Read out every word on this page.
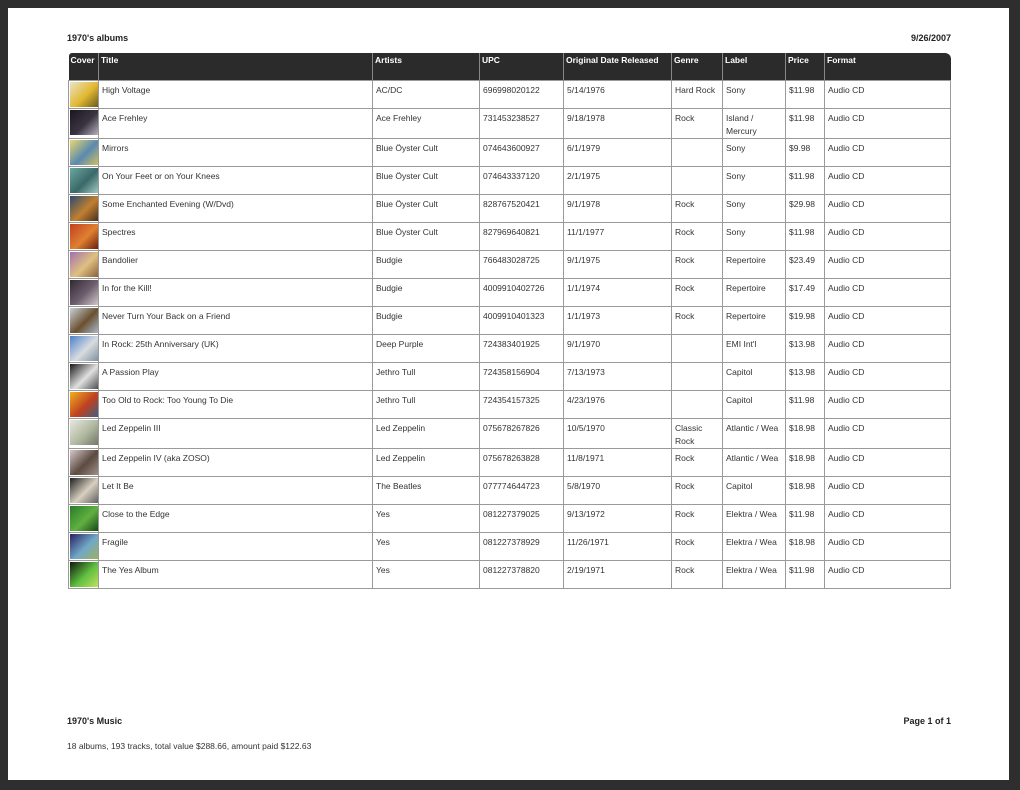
1970's albums	9/26/2007
Cover	Title	Artists	UPC	Original Date Released	Genre	Label	Price	Format

	High Voltage	AC/DC	696998020122	5/14/1976	Hard Rock	Sony	$11.98	Audio CD

	Ace Frehley	Ace Frehley	731453238527	9/18/1978	Rock	Island / Mercury	$11.98	Audio CD

	Mirrors	Blue Öyster Cult	074643600927	6/1/1979		Sony	$9.98	Audio CD

	On Your Feet or on Your Knees	Blue Öyster Cult	074643337120	2/1/1975		Sony	$11.98	Audio CD

	Some Enchanted Evening (W/Dvd)	Blue Öyster Cult	828767520421	9/1/1978	Rock	Sony	$29.98	Audio CD

	Spectres	Blue Öyster Cult	827969640821	11/1/1977	Rock	Sony	$11.98	Audio CD

	Bandolier	Budgie	766483028725	9/1/1975	Rock	Repertoire	$23.49	Audio CD

	In for the Kill!	Budgie	4009910402726	1/1/1974	Rock	Repertoire	$17.49	Audio CD

	Never Turn Your Back on a Friend	Budgie	4009910401323	1/1/1973	Rock	Repertoire	$19.98	Audio CD

	In Rock: 25th Anniversary (UK)	Deep Purple	724383401925	9/1/1970		EMI Int'l	$13.98	Audio CD

	A Passion Play	Jethro Tull	724358156904	7/13/1973		Capitol	$13.98	Audio CD

	Too Old to Rock: Too Young To Die	Jethro Tull	724354157325	4/23/1976		Capitol	$11.98	Audio CD

	Led Zeppelin III	Led Zeppelin	075678267826	10/5/1970	Classic Rock	Atlantic / Wea	$18.98	Audio CD

	Led Zeppelin IV (aka ZOSO)	Led Zeppelin	075678263828	11/8/1971	Rock	Atlantic / Wea	$18.98	Audio CD

	Let It Be	The Beatles	077774644723	5/8/1970	Rock	Capitol	$18.98	Audio CD

	Close to the Edge	Yes	081227379025	9/13/1972	Rock	Elektra / Wea	$11.98	Audio CD

	Fragile	Yes	081227378929	11/26/1971	Rock	Elektra / Wea	$18.98	Audio CD

	The Yes Album	Yes	081227378820	2/19/1971	Rock	Elektra / Wea	$11.98	Audio CD
1970's Music	Page 1 of 1
18 albums, 193 tracks, total value $288.66, amount paid $122.63
